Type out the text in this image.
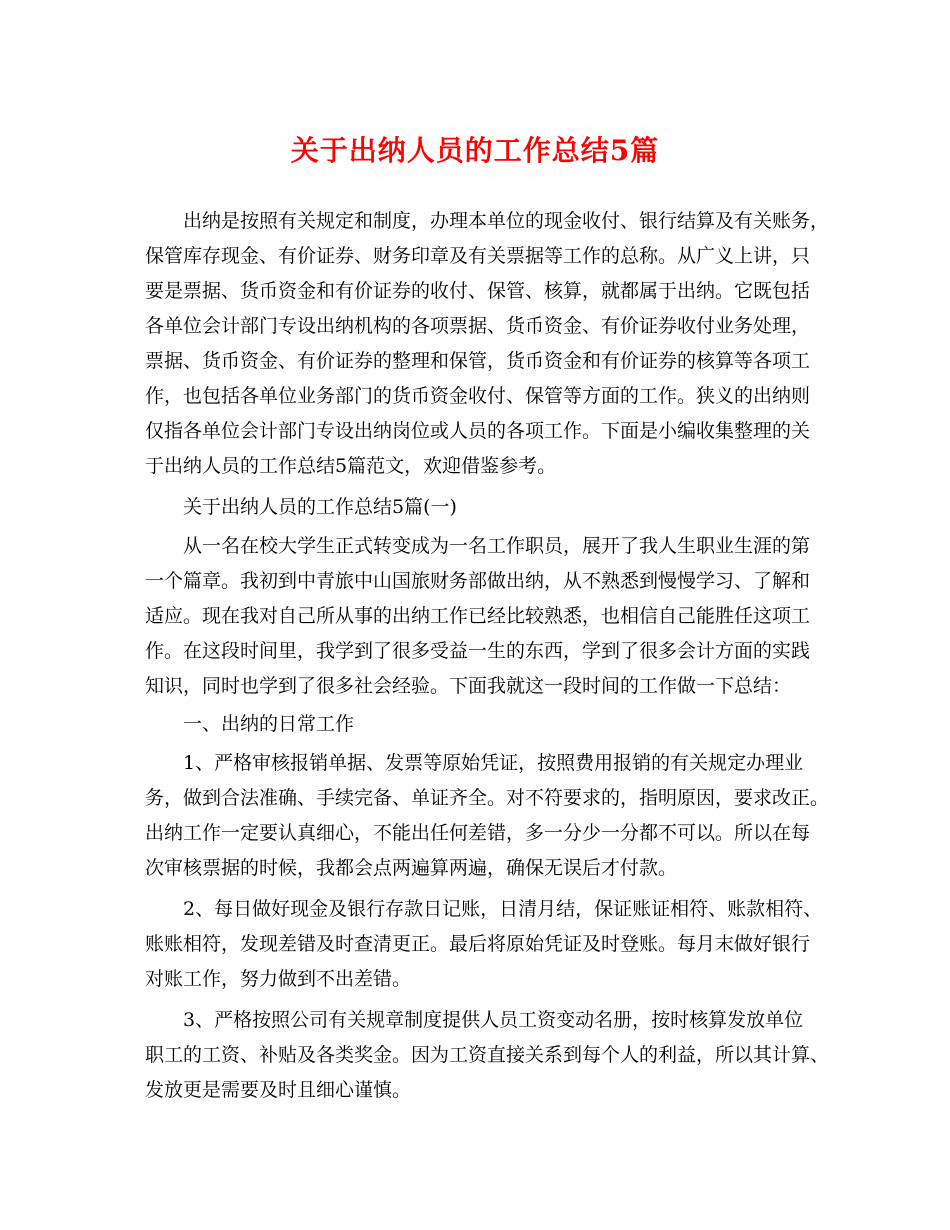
关于出纳人员的工作总结5篇
出纳是按照有关规定和制度，办理本单位的现金收付、银行结算及有关账务，
保管库存现金、有价证券、财务印章及有关票据等工作的总称。从广义上讲，只
要是票据、货币资金和有价证券的收付、保管、核算，就都属于出纳。它既包括
各单位会计部门专设出纳机构的各项票据、货币资金、有价证券收付业务处理，
票据、货币资金、有价证券的整理和保管，货币资金和有价证券的核算等各项工
作，也包括各单位业务部门的货币资金收付、保管等方面的工作。狭义的出纳则
仅指各单位会计部门专设出纳岗位或人员的各项工作。下面是小编收集整理的关
于出纳人员的工作总结5篇范文，欢迎借鉴参考。
关于出纳人员的工作总结5篇(一)
从一名在校大学生正式转变成为一名工作职员，展开了我人生职业生涯的第
一个篇章。我初到中青旅中山国旅财务部做出纳，从不熟悉到慢慢学习、了解和
适应。现在我对自己所从事的出纳工作已经比较熟悉，也相信自己能胜任这项工
作。在这段时间里，我学到了很多受益一生的东西，学到了很多会计方面的实践
知识，同时也学到了很多社会经验。下面我就这一段时间的工作做一下总结：
一、出纳的日常工作
1、严格审核报销单据、发票等原始凭证，按照费用报销的有关规定办理业
务，做到合法准确、手续完备、单证齐全。对不符要求的，指明原因，要求改正。
出纳工作一定要认真细心，不能出任何差错，多一分少一分都不可以。所以在每
次审核票据的时候，我都会点两遍算两遍，确保无误后才付款。
2、每日做好现金及银行存款日记账，日清月结，保证账证相符、账款相符、
账账相符，发现差错及时查清更正。最后将原始凭证及时登账。每月末做好银行
对账工作，努力做到不出差错。
3、严格按照公司有关规章制度提供人员工资变动名册，按时核算发放单位
职工的工资、补贴及各类奖金。因为工资直接关系到每个人的利益，所以其计算、
发放更是需要及时且细心谨慎。
